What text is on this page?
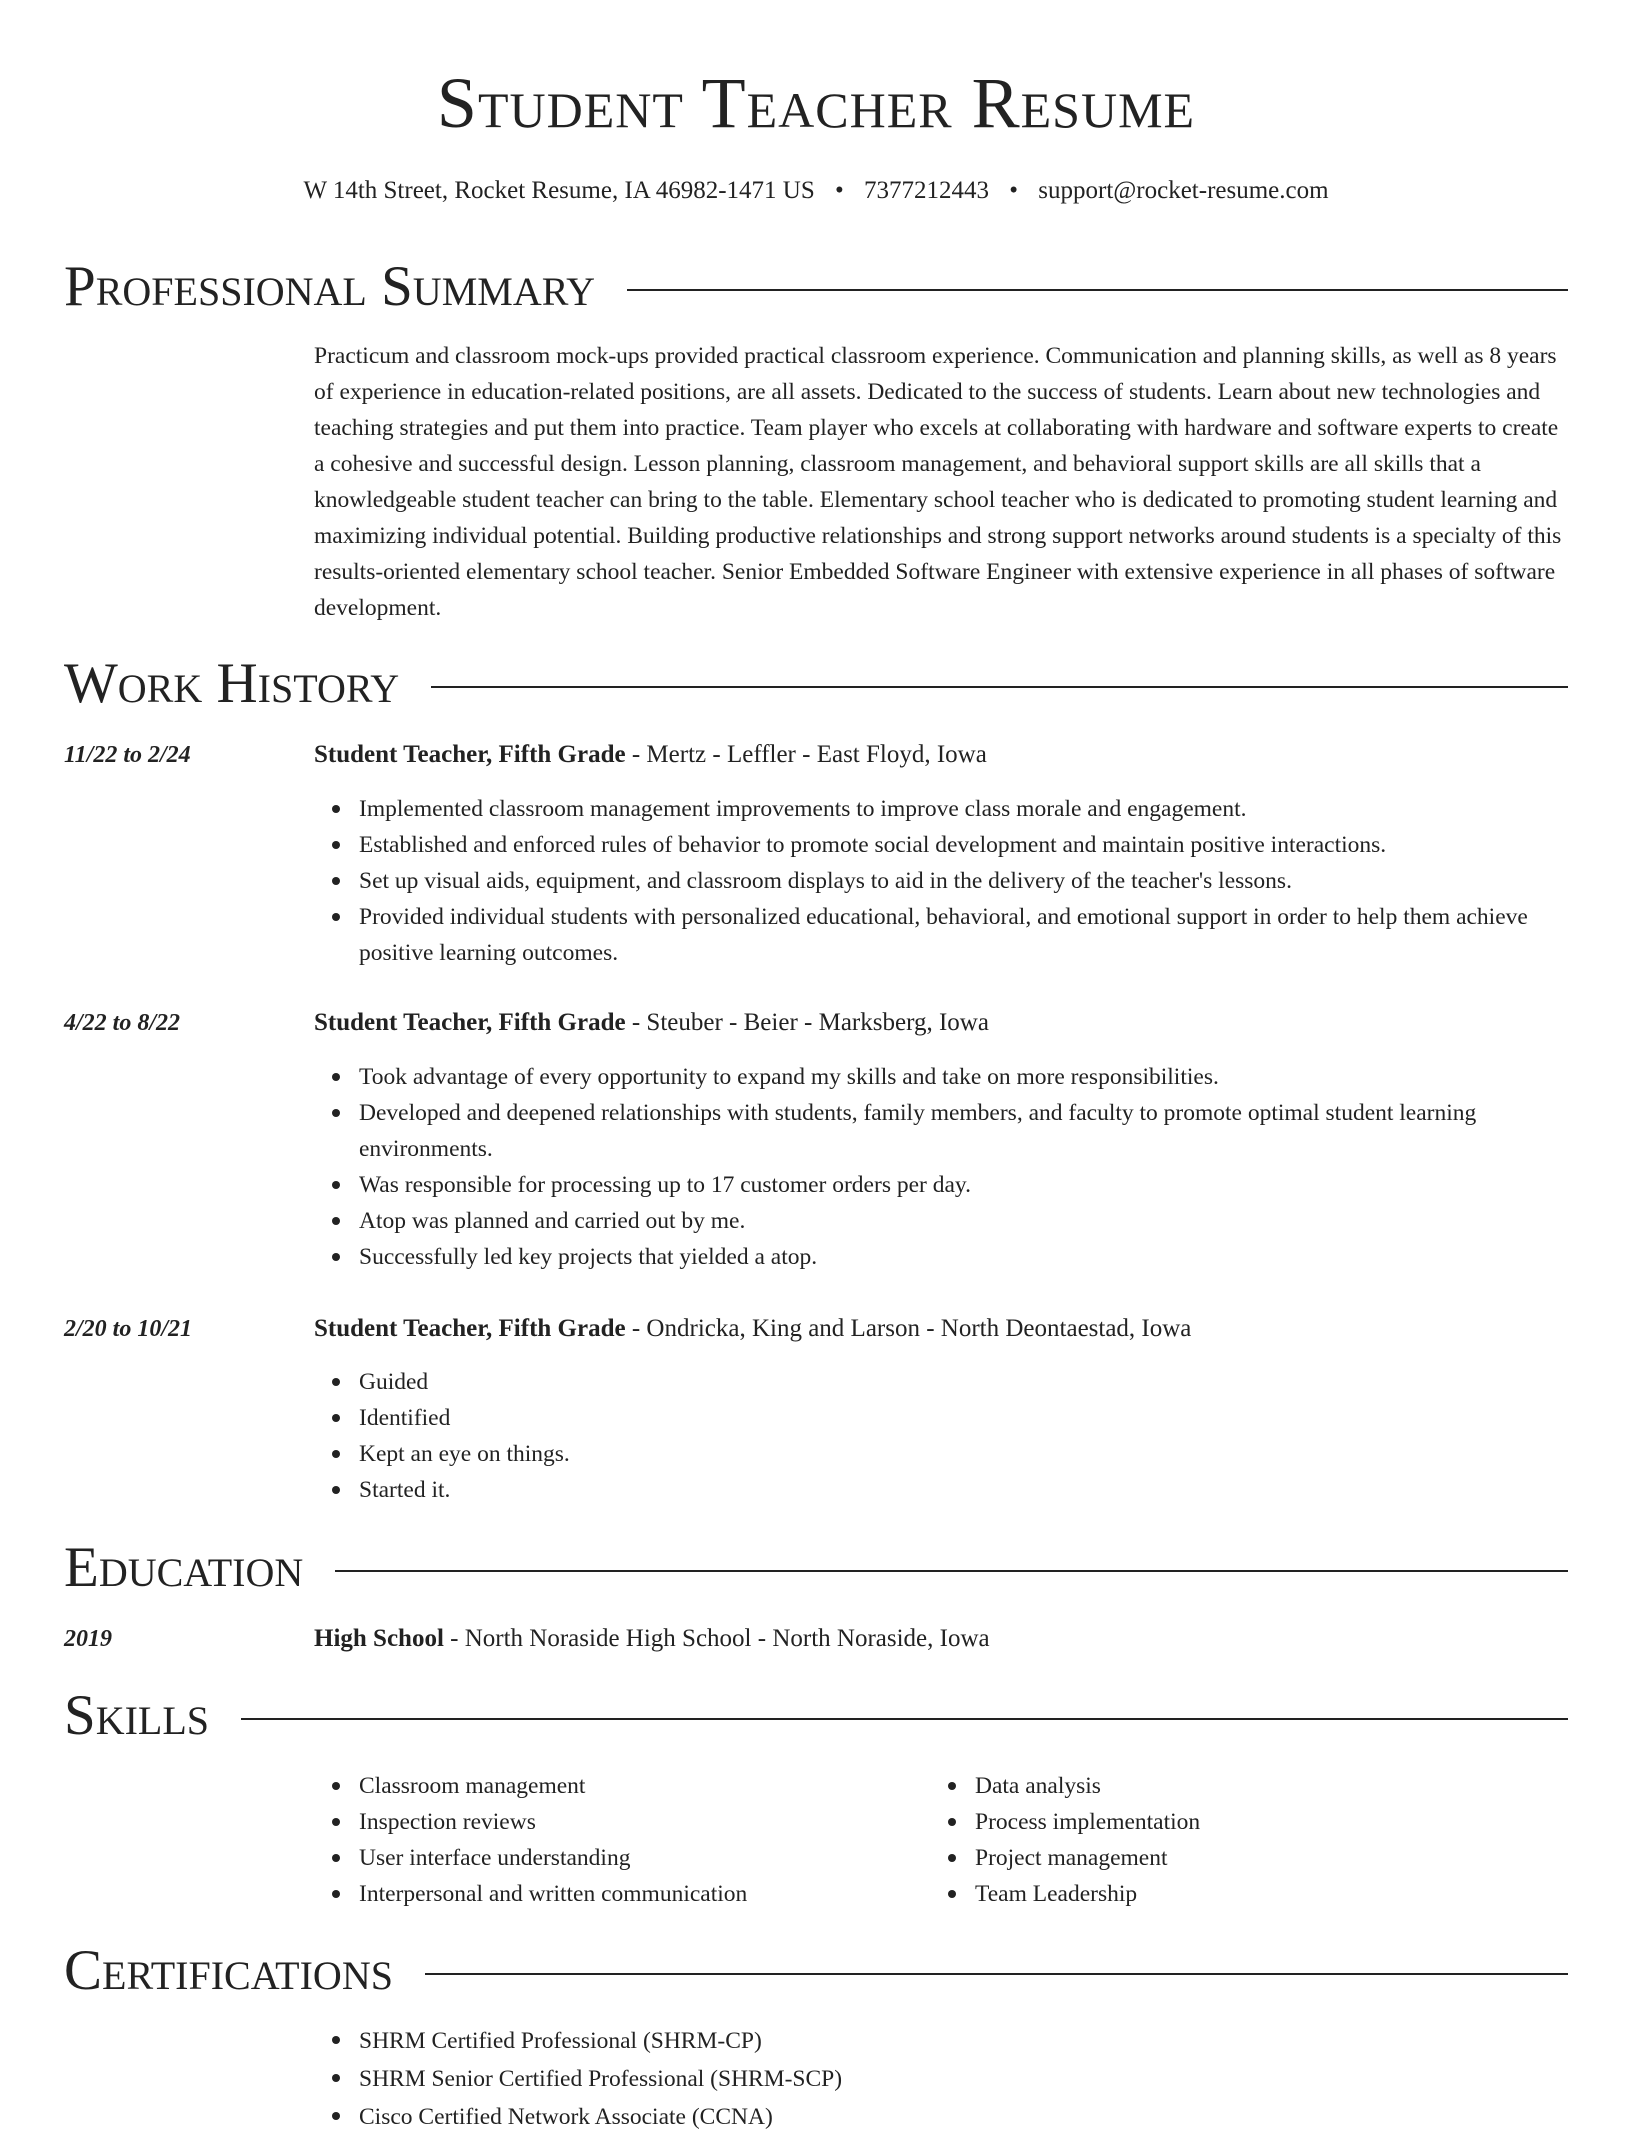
Student Teacher Resume
W 14th Street, Rocket Resume, IA 46982-1471 US • 7377212443 • support@rocket-resume.com
Professional Summary

Practicum and classroom mock-ups provided practical classroom experience. Communication and planning skills, as well as 8 years of experience in education-related positions, are all assets. Dedicated to the success of students. Learn about new technologies and teaching strategies and put them into practice. Team player who excels at collaborating with hardware and software experts to create a cohesive and successful design. Lesson planning, classroom management, and behavioral support skills are all skills that a knowledgeable student teacher can bring to the table. Elementary school teacher who is dedicated to promoting student learning and maximizing individual potential. Building productive relationships and strong support networks around students is a specialty of this results-oriented elementary school teacher. Senior Embedded Software Engineer with extensive experience in all phases of software development.

Work History
11/22 to 2/24	Student Teacher, Fifth Grade - Mertz - Leffler - East Floyd, Iowa
Implemented classroom management improvements to improve class morale and engagement.
Established and enforced rules of behavior to promote social development and maintain positive interactions.
Set up visual aids, equipment, and classroom displays to aid in the delivery of the teacher's lessons.
Provided individual students with personalized educational, behavioral, and emotional support in order to help them achieve positive learning outcomes.
4/22 to 8/22	Student Teacher, Fifth Grade - Steuber - Beier - Marksberg, Iowa
Took advantage of every opportunity to expand my skills and take on more responsibilities.
Developed and deepened relationships with students, family members, and faculty to promote optimal student learning environments.
Was responsible for processing up to 17 customer orders per day.
Atop was planned and carried out by me.
Successfully led key projects that yielded a atop.
2/20 to 10/21	Student Teacher, Fifth Grade - Ondricka, King and Larson - North Deontaestad, Iowa
Guided
Identified
Kept an eye on things.
Started it.
Education
2019	High School - North Noraside High School - North Noraside, Iowa
Skills
Classroom management
Inspection reviews
User interface understanding
Interpersonal and written communication
Data analysis
Process implementation
Project management
Team Leadership
Certifications
SHRM Certified Professional (SHRM-CP)
SHRM Senior Certified Professional (SHRM-SCP)
Cisco Certified Network Associate (CCNA)
